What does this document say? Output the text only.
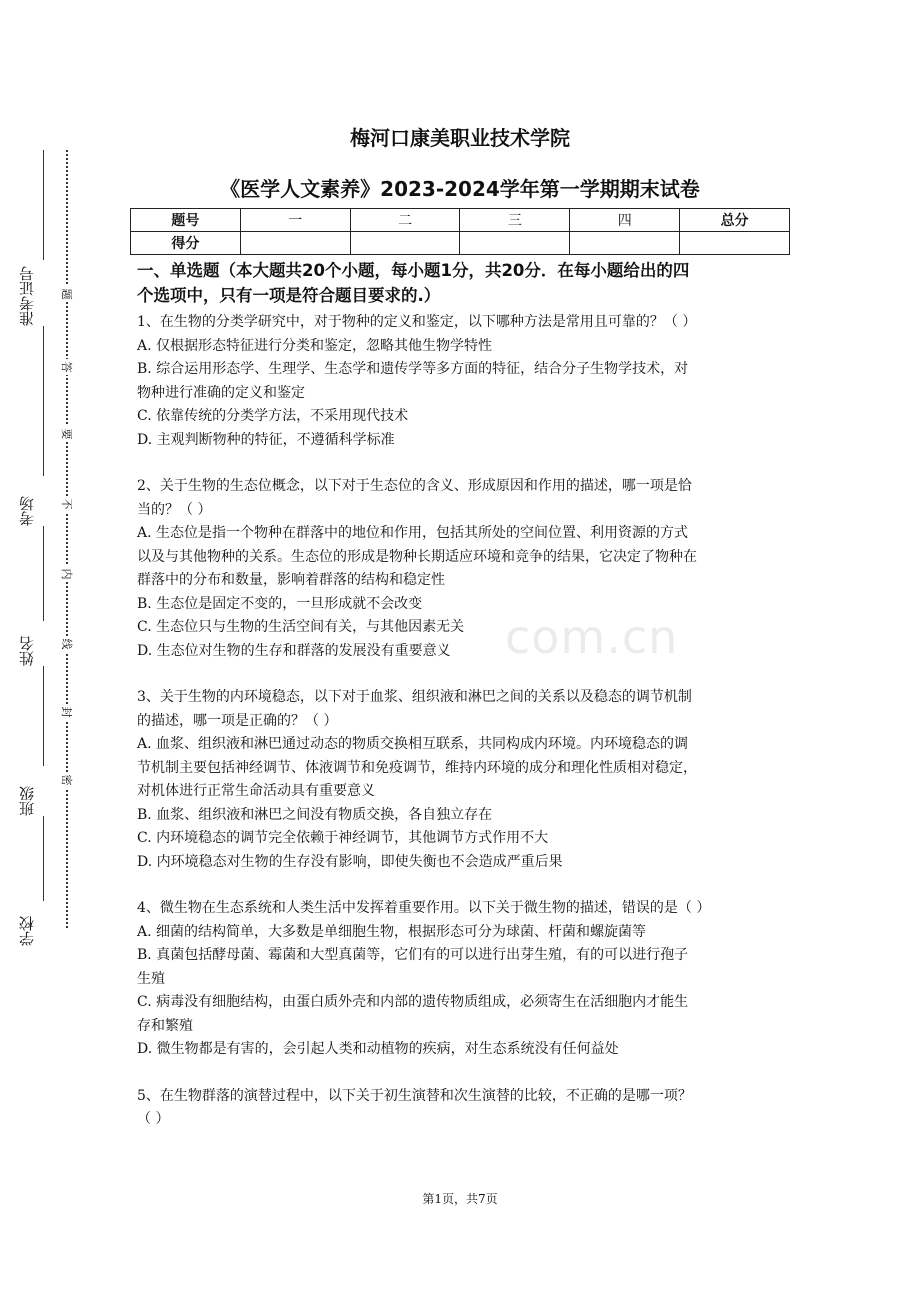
准考证号
考场
姓名
班级
学校
密
封
线
内
不
要
答
题
梅河口康美职业技术学院
《医学人文素养》2023-2024学年第一学期期末试卷
题号	一	二	三	四	总分
得分					
一、单选题（本大题共20个小题，每小题1分，共20分．在每小题给出的四
个选项中，只有一项是符合题目要求的.）

1、在生物的分类学研究中，对于物种的定义和鉴定，以下哪种方法是常用且可靠的？（ ）

A. 仅根据形态特征进行分类和鉴定，忽略其他生物学特性

B. 综合运用形态学、生理学、生态学和遗传学等多方面的特征，结合分子生物学技术，对

物种进行准确的定义和鉴定

C. 依靠传统的分类学方法，不采用现代技术

D. 主观判断物种的特征，不遵循科学标准

2、关于生物的生态位概念，以下对于生态位的含义、形成原因和作用的描述，哪一项是恰

当的？（ ）

A. 生态位是指一个物种在群落中的地位和作用，包括其所处的空间位置、利用资源的方式

以及与其他物种的关系。生态位的形成是物种长期适应环境和竞争的结果，它决定了物种在

群落中的分布和数量，影响着群落的结构和稳定性

B. 生态位是固定不变的，一旦形成就不会改变

C. 生态位只与生物的生活空间有关，与其他因素无关

D. 生态位对生物的生存和群落的发展没有重要意义

3、关于生物的内环境稳态，以下对于血浆、组织液和淋巴之间的关系以及稳态的调节机制

的描述，哪一项是正确的？（ ）

A. 血浆、组织液和淋巴通过动态的物质交换相互联系，共同构成内环境。内环境稳态的调

节机制主要包括神经调节、体液调节和免疫调节，维持内环境的成分和理化性质相对稳定，

对机体进行正常生命活动具有重要意义

B. 血浆、组织液和淋巴之间没有物质交换，各自独立存在

C. 内环境稳态的调节完全依赖于神经调节，其他调节方式作用不大

D. 内环境稳态对生物的生存没有影响，即使失衡也不会造成严重后果

4、微生物在生态系统和人类生活中发挥着重要作用。以下关于微生物的描述，错误的是（ ）

A. 细菌的结构简单，大多数是单细胞生物，根据形态可分为球菌、杆菌和螺旋菌等

B. 真菌包括酵母菌、霉菌和大型真菌等，它们有的可以进行出芽生殖，有的可以进行孢子

生殖

C. 病毒没有细胞结构，由蛋白质外壳和内部的遗传物质组成，必须寄生在活细胞内才能生

存和繁殖

D. 微生物都是有害的，会引起人类和动植物的疾病，对生态系统没有任何益处

5、在生物群落的演替过程中，以下关于初生演替和次生演替的比较，不正确的是哪一项？

（ ）

com.cn
第1页，共7页
